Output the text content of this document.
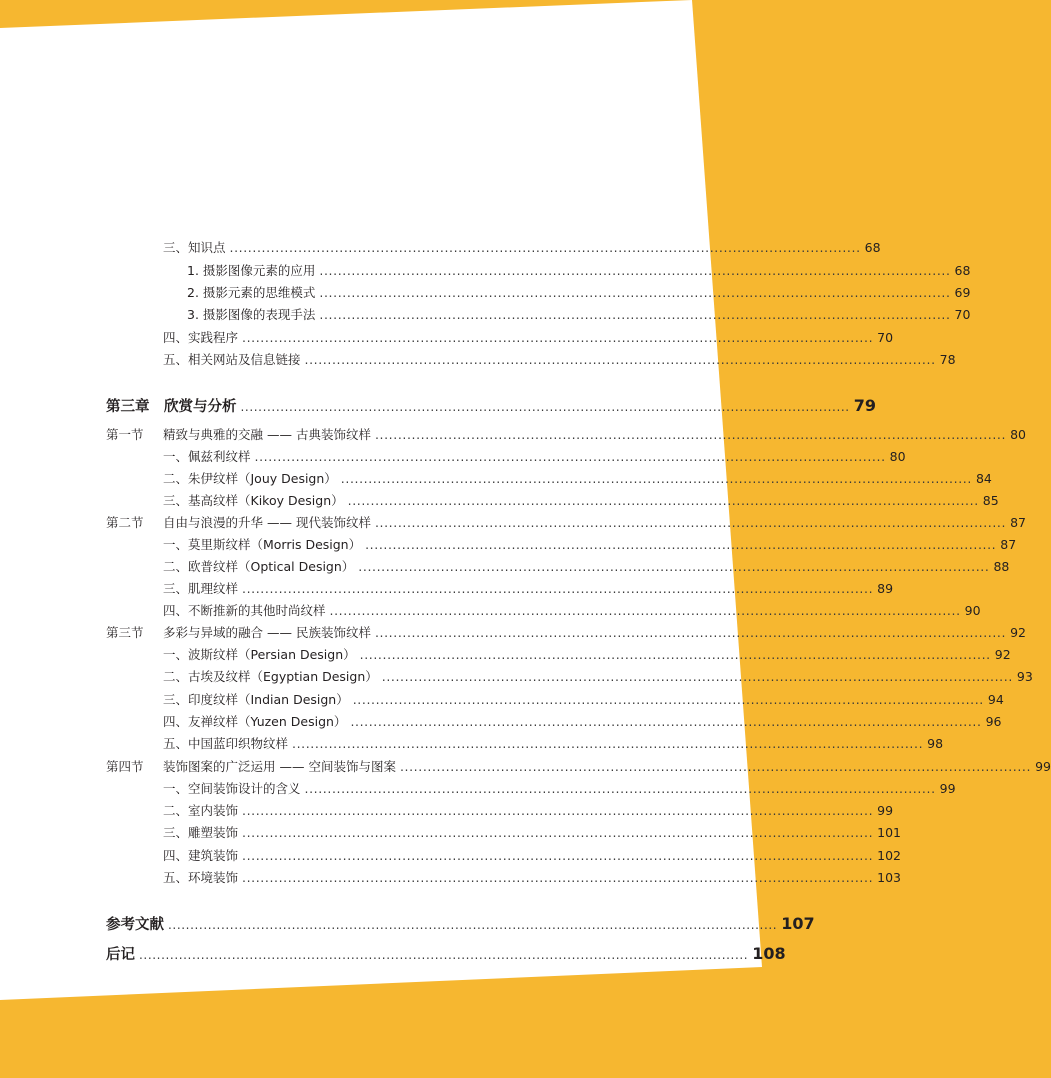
三、知识点 .......................................................................................................................................... 68
1. 摄影图像元素的应用 .......................................................................................................................................... 68
2. 摄影元素的思维模式 .......................................................................................................................................... 69
3. 摄影图像的表现手法 .......................................................................................................................................... 70
四、实践程序 .......................................................................................................................................... 70
五、相关网站及信息链接 .......................................................................................................................................... 78
第三章　欣赏与分析 .......................................................................................................................................... 79
第一节 精致与典雅的交融 —— 古典装饰纹样 .......................................................................................................................................... 80
一、佩兹利纹样 .......................................................................................................................................... 80
二、朱伊纹样（Jouy Design） .......................................................................................................................................... 84
三、基高纹样（Kikoy Design） .......................................................................................................................................... 85
第二节 自由与浪漫的升华 —— 现代装饰纹样 .......................................................................................................................................... 87
一、莫里斯纹样（Morris Design） .......................................................................................................................................... 87
二、欧普纹样（Optical Design） .......................................................................................................................................... 88
三、肌理纹样 .......................................................................................................................................... 89
四、不断推新的其他时尚纹样 .......................................................................................................................................... 90
第三节 多彩与异域的融合 —— 民族装饰纹样 .......................................................................................................................................... 92
一、波斯纹样（Persian Design） .......................................................................................................................................... 92
二、古埃及纹样（Egyptian Design） .......................................................................................................................................... 93
三、印度纹样（Indian Design） .......................................................................................................................................... 94
四、友禅纹样（Yuzen Design） .......................................................................................................................................... 96
五、中国蓝印织物纹样 .......................................................................................................................................... 98
第四节 装饰图案的广泛运用 —— 空间装饰与图案 .......................................................................................................................................... 99
一、空间装饰设计的含义 .......................................................................................................................................... 99
二、室内装饰 .......................................................................................................................................... 99
三、雕塑装饰 .......................................................................................................................................... 101
四、建筑装饰 .......................................................................................................................................... 102
五、环境装饰 .......................................................................................................................................... 103
参考文献 .......................................................................................................................................... 107
后记 .......................................................................................................................................... 108
